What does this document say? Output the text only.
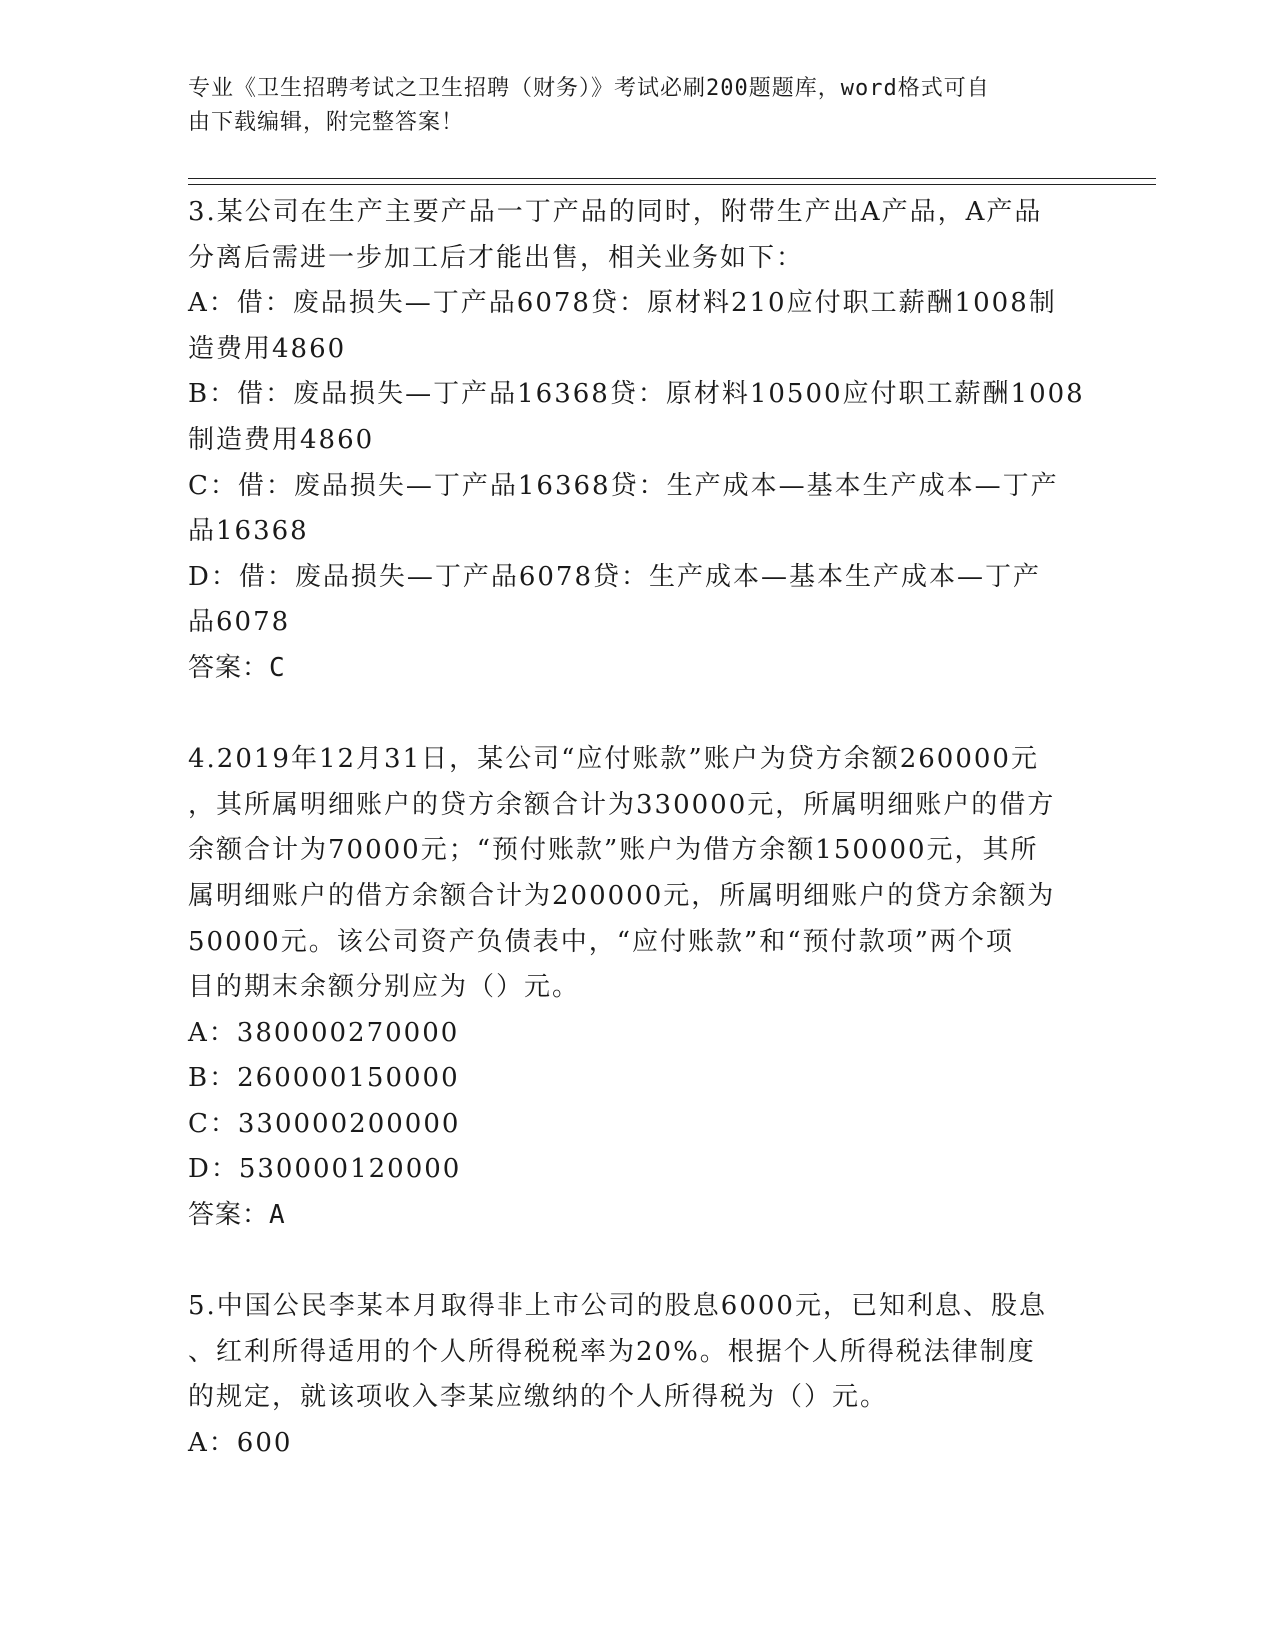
专业《卫生招聘考试之卫生招聘（财务）》考试必刷200题题库，word格式可自
由下载编辑，附完整答案！
3.某公司在生产主要产品一丁产品的同时，附带生产出A产品，A产品
分离后需进一步加工后才能出售，相关业务如下：
A：借：废品损失—丁产品6078贷：原材料210应付职工薪酬1008制
造费用4860
B：借：废品损失—丁产品16368贷：原材料10500应付职工薪酬1008
制造费用4860
C：借：废品损失—丁产品16368贷：生产成本—基本生产成本—丁产
品16368
D：借：废品损失—丁产品6078贷：生产成本—基本生产成本—丁产
品6078
答案：C
4.2019年12月31日，某公司“应付账款”账户为贷方余额260000元
，其所属明细账户的贷方余额合计为330000元，所属明细账户的借方
余额合计为70000元；“预付账款”账户为借方余额150000元，其所
属明细账户的借方余额合计为200000元，所属明细账户的贷方余额为
50000元。该公司资产负债表中，“应付账款”和“预付款项”两个项
目的期末余额分别应为（）元。
A：380000270000
B：260000150000
C：330000200000
D：530000120000
答案：A
5.中国公民李某本月取得非上市公司的股息6000元，已知利息、股息
、红利所得适用的个人所得税税率为20%。根据个人所得税法律制度
的规定，就该项收入李某应缴纳的个人所得税为（）元。
A：600
